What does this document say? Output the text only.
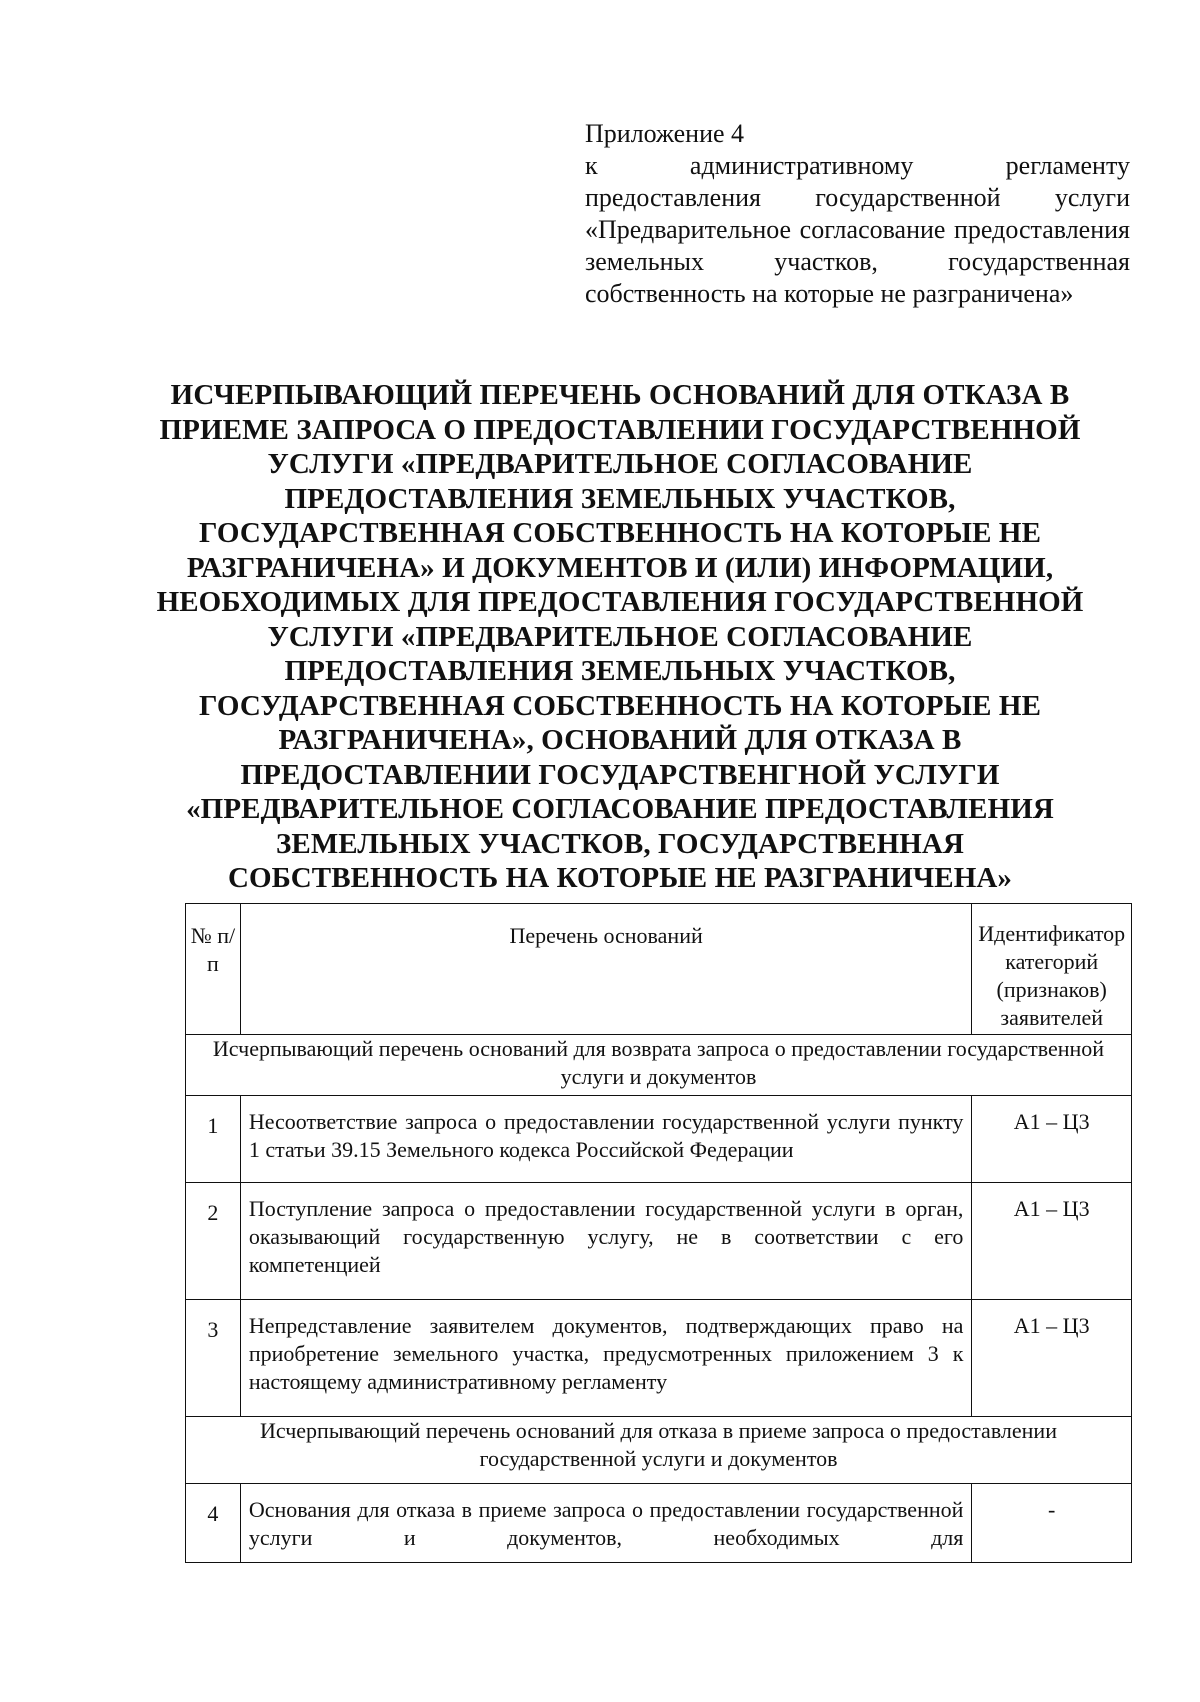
Приложение 4
к административному регламенту предоставления государственной услуги «Предварительное согласование предоставления земельных участков, государственная собственность на которые не разграничена»
ИСЧЕРПЫВАЮЩИЙ ПЕРЕЧЕНЬ ОСНОВАНИЙ ДЛЯ ОТКАЗА В ПРИЕМЕ ЗАПРОСА О ПРЕДОСТАВЛЕНИИ ГОСУДАРСТВЕННОЙ УСЛУГИ «ПРЕДВАРИТЕЛЬНОЕ СОГЛАСОВАНИЕ ПРЕДОСТАВЛЕНИЯ ЗЕМЕЛЬНЫХ УЧАСТКОВ, ГОСУДАРСТВЕННАЯ СОБСТВЕННОСТЬ НА КОТОРЫЕ НЕ РАЗГРАНИЧЕНА» И ДОКУМЕНТОВ И (ИЛИ) ИНФОРМАЦИИ, НЕОБХОДИМЫХ ДЛЯ ПРЕДОСТАВЛЕНИЯ ГОСУДАРСТВЕННОЙ УСЛУГИ «ПРЕДВАРИТЕЛЬНОЕ СОГЛАСОВАНИЕ ПРЕДОСТАВЛЕНИЯ ЗЕМЕЛЬНЫХ УЧАСТКОВ, ГОСУДАРСТВЕННАЯ СОБСТВЕННОСТЬ НА КОТОРЫЕ НЕ РАЗГРАНИЧЕНА», ОСНОВАНИЙ ДЛЯ ОТКАЗА В ПРЕДОСТАВЛЕНИИ ГОСУДАРСТВЕНГНОЙ УСЛУГИ «ПРЕДВАРИТЕЛЬНОЕ СОГЛАСОВАНИЕ ПРЕДОСТАВЛЕНИЯ ЗЕМЕЛЬНЫХ УЧАСТКОВ, ГОСУДАРСТВЕННАЯ СОБСТВЕННОСТЬ НА КОТОРЫЕ НЕ РАЗГРАНИЧЕНА»
№ п/п	Перечень оснований	Идентификатор категорий (признаков) заявителей
Исчерпывающий перечень оснований для возврата запроса о предоставлении государственной услуги и документов		
1	Несоответствие запроса о предоставлении государственной услуги пункту 1 статьи 39.15 Земельного кодекса Российской Федерации	А1 – Ц3
2	Поступление запроса о предоставлении государственной услуги в орган, оказывающий государственную услугу, не в соответствии с его компетенцией	А1 – Ц3
3	Непредставление заявителем документов, подтверждающих право на приобретение земельного участка, предусмотренных приложением 3 к настоящему административному регламенту	А1 – Ц3
Исчерпывающий перечень оснований для отказа в приеме запроса о предоставлении государственной услуги и документов		
4	Основания для отказа в приеме запроса о предоставлении государственной услуги и документов, необходимых для	-
